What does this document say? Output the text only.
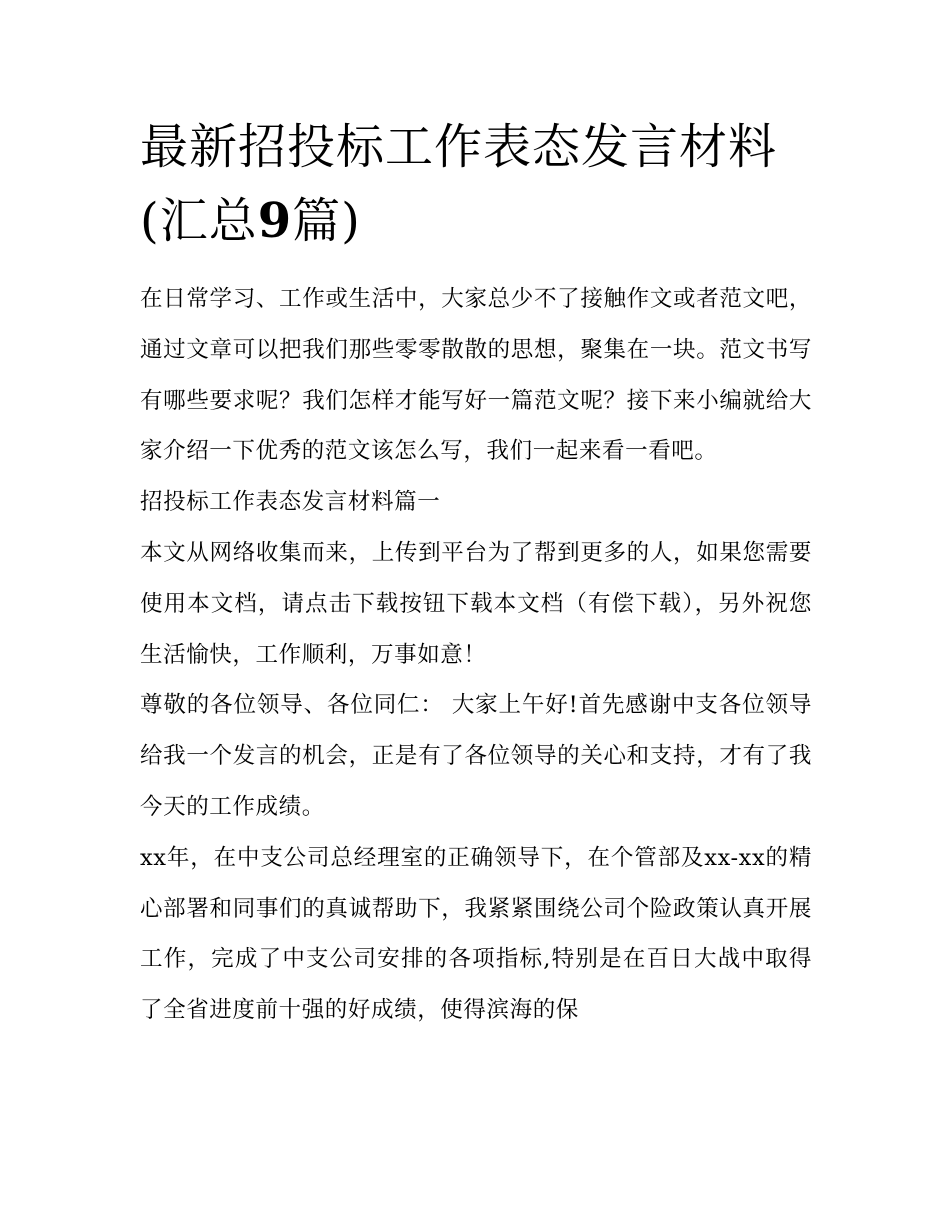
最新招投标工作表态发言材料
(汇总9篇)

在日常学习、工作或生活中，大家总少不了接触作文或者范文吧，通过文章可以把我们那些零零散散的思想，聚集在一块。范文书写有哪些要求呢？我们怎样才能写好一篇范文呢？接下来小编就给大家介绍一下优秀的范文该怎么写，我们一起来看一看吧。

招投标工作表态发言材料篇一

本文从网络收集而来，上传到平台为了帮到更多的人，如果您需要使用本文档，请点击下载按钮下载本文档（有偿下载），另外祝您生活愉快，工作顺利，万事如意！

尊敬的各位领导、各位同仁： 大家上午好!首先感谢中支各位领导给我一个发言的机会，正是有了各位领导的关心和支持，才有了我今天的工作成绩。

xx年，在中支公司总经理室的正确领导下，在个管部及xx-xx的精心部署和同事们的真诚帮助下，我紧紧围绕公司个险政策认真开展工作，完成了中支公司安排的各项指标,特别是在百日大战中取得了全省进度前十强的好成绩，使得滨海的保
